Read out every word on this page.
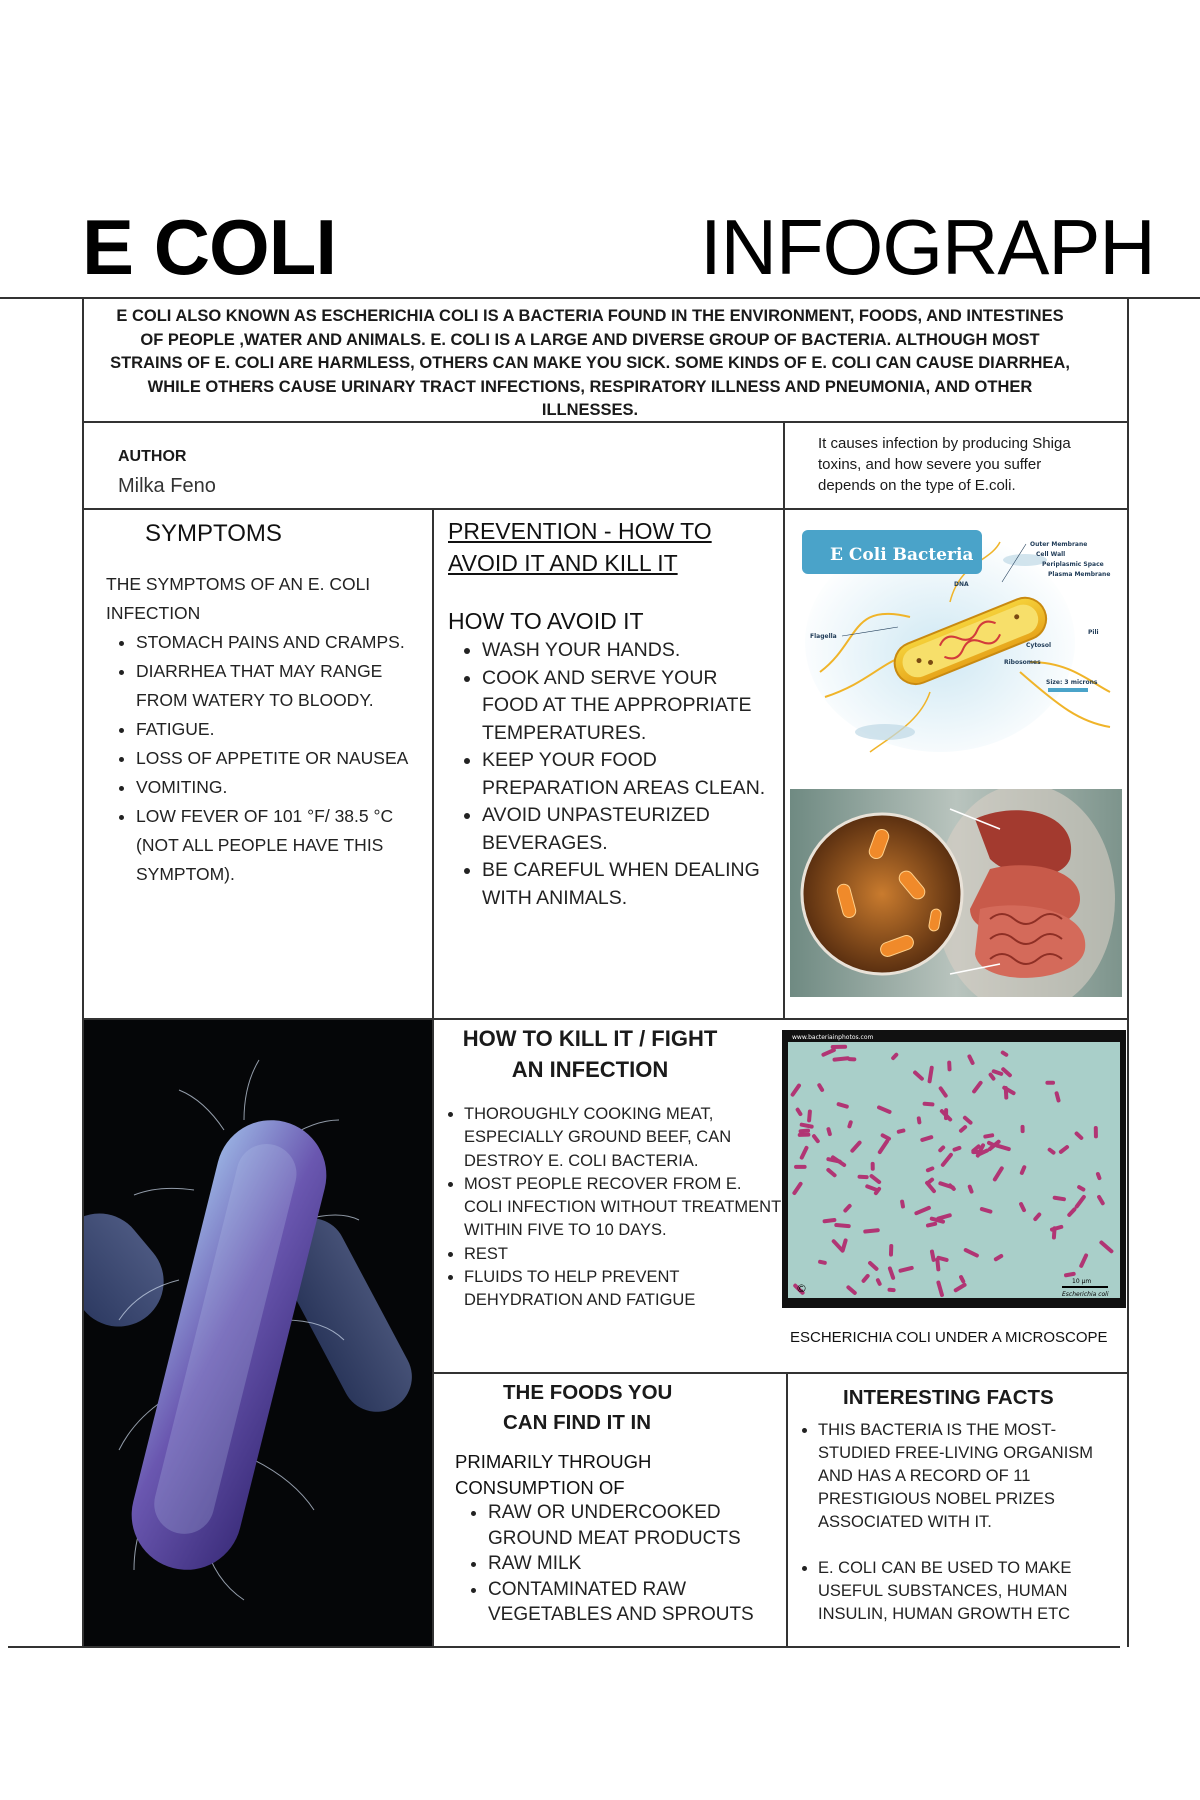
E COLI	INFOGRAPH
E COLI ALSO KNOWN AS ESCHERICHIA COLI IS A BACTERIA FOUND IN THE ENVIRONMENT, FOODS, AND INTESTINES OF PEOPLE ,WATER AND ANIMALS. E. COLI IS A LARGE AND DIVERSE GROUP OF BACTERIA. ALTHOUGH MOST STRAINS OF E. COLI ARE HARMLESS, OTHERS CAN MAKE YOU SICK. SOME KINDS OF E. COLI CAN CAUSE DIARRHEA, WHILE OTHERS CAUSE URINARY TRACT INFECTIONS, RESPIRATORY ILLNESS AND PNEUMONIA, AND OTHER ILLNESSES.
AUTHOR
Milka Feno
It causes infection by producing Shiga toxins, and how severe you suffer depends on the type of E.coli.
SYMPTOMS
THE SYMPTOMS OF AN E. COLI INFECTION
• STOMACH PAINS AND CRAMPS.
• DIARRHEA THAT MAY RANGE FROM WATERY TO BLOODY.
• FATIGUE.
• LOSS OF APPETITE OR NAUSEA
• VOMITING.
• LOW FEVER OF 101 °F/ 38.5 °C (NOT ALL PEOPLE HAVE THIS SYMPTOM).
PREVENTION - HOW TO AVOID IT AND KILL IT
HOW TO AVOID IT
• WASH YOUR HANDS.
• COOK AND SERVE YOUR FOOD AT THE APPROPRIATE TEMPERATURES.
• KEEP YOUR FOOD PREPARATION AREAS CLEAN.
• AVOID UNPASTEURIZED BEVERAGES.
• BE CAREFUL WHEN DEALING WITH ANIMALS.
E Coli Bacteria
Outer Membrane
Cell Wall
Periplasmic Space
Plasma Membrane
DNA
Pili
Cytosol
Ribosomes
Flagella
Size: 3 microns
HOW TO KILL IT / FIGHT AN INFECTION
• THOROUGHLY COOKING MEAT, ESPECIALLY GROUND BEEF, CAN DESTROY E. COLI BACTERIA.
• MOST PEOPLE RECOVER FROM E. COLI INFECTION WITHOUT TREATMENT WITHIN FIVE TO 10 DAYS.
• REST
• FLUIDS TO HELP PREVENT DEHYDRATION AND FATIGUE
www.bacteriainphotos.com
©
10 µm
Escherichia coli
ESCHERICHIA COLI UNDER A MICROSCOPE
THE FOODS YOU CAN FIND IT IN
PRIMARILY THROUGH CONSUMPTION OF
• RAW OR UNDERCOOKED GROUND MEAT PRODUCTS
• RAW MILK
• CONTAMINATED RAW VEGETABLES AND SPROUTS
INTERESTING FACTS
• THIS BACTERIA IS THE MOST-STUDIED FREE-LIVING ORGANISM AND HAS A RECORD OF 11 PRESTIGIOUS NOBEL PRIZES ASSOCIATED WITH IT.
• E. COLI CAN BE USED TO MAKE USEFUL SUBSTANCES, HUMAN INSULIN, HUMAN GROWTH ETC
